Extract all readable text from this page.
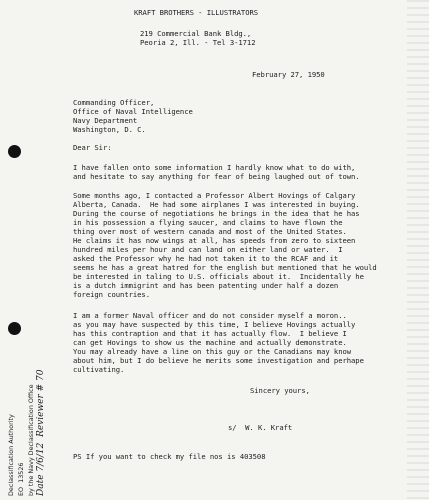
KRAFT BROTHERS - ILLUSTRATORS
219 Commercial Bank Bldg.,
Peoria 2, Ill. - Tel 3-1712
February 27, 1950
Commanding Officer,
Office of Naval Intelligence
Navy Department
Washington, D. C.
Dear Sir:
I have fallen onto some information I hardly know what to do with,
and hesitate to say anything for fear of being laughed out of town.
Some months ago, I contacted a Professor Albert Hovings of Calgary
Alberta, Canada.  He had some airplanes I was interested in buying.
During the course of negotiations he brings in the idea that he has
in his possession a flying saucer, and claims to have flown the
thing over most of western canada and most of the United States.
He claims it has now wings at all, has speeds from zero to sixteen
hundred miles per hour and can land on either land or water.  I
asked the Professor why he had not taken it to the RCAF and it
seems he has a great hatred for the english but mentioned that he would
be interested in taling to U.S. officials about it.  Incidentally he
is a dutch immigrint and has been patenting under half a dozen
foreign countries.
I am a former Naval officer and do not consider myself a moron..
as you may have suspected by this time, I believe Hovings actually
has this contraption and that it has actually flow.  I believe I
can get Hovings to show us the machine and actually demonstrate.
You may already have a line on this guy or the Canadians may know
about him, but I do believe he merits some investigation and perhape
cultivating.
Sincery yours,
s/  W. K. Kraft
PS If you want to check my file nos is 403508
Declassification Authority EO  13526 by the Navy Declassification Office Date 7/6/12  Reviewer # 70
